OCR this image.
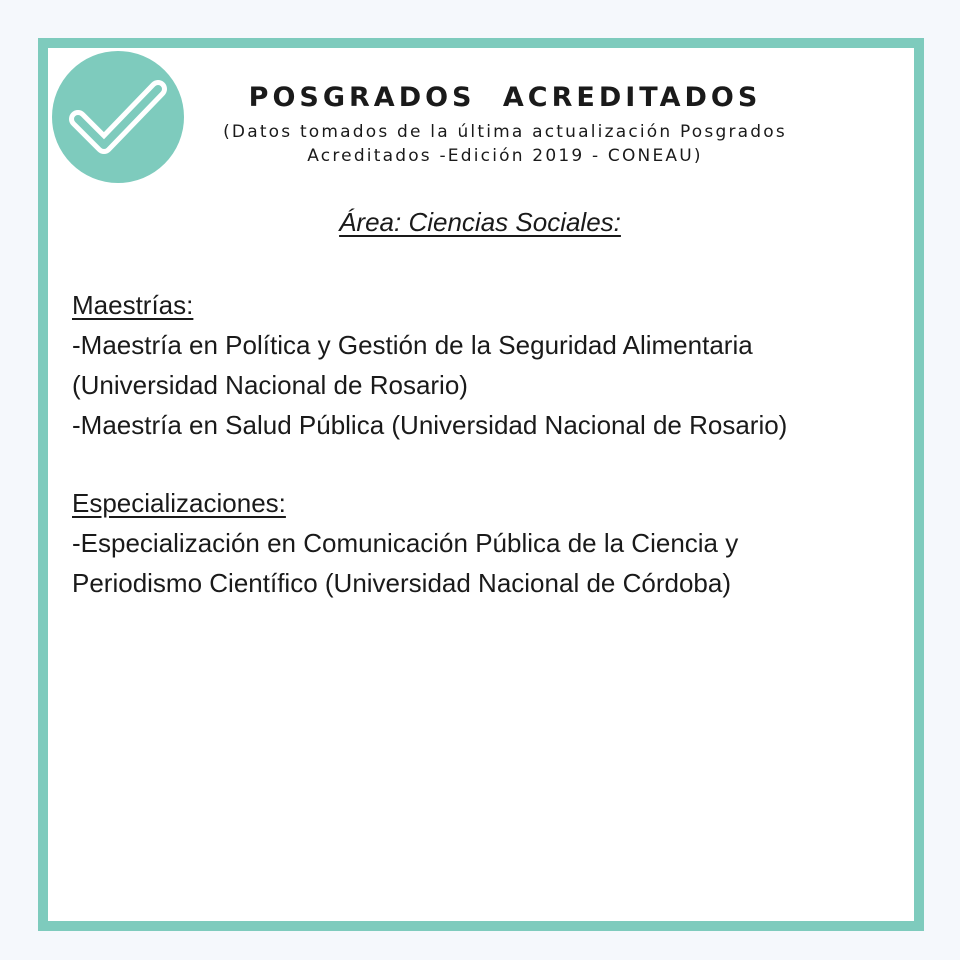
POSGRADOS ACREDITADOS
(Datos tomados de la última actualización Posgrados
Acreditados -Edición 2019 - CONEAU)
Área: Ciencias Sociales:
Maestrías:
-Maestría en Política y Gestión de la Seguridad Alimentaria
(Universidad Nacional de Rosario)
-Maestría en Salud Pública (Universidad Nacional de Rosario)
Especializaciones:
-Especialización en Comunicación Pública de la Ciencia y
Periodismo Científico (Universidad Nacional de Córdoba)
